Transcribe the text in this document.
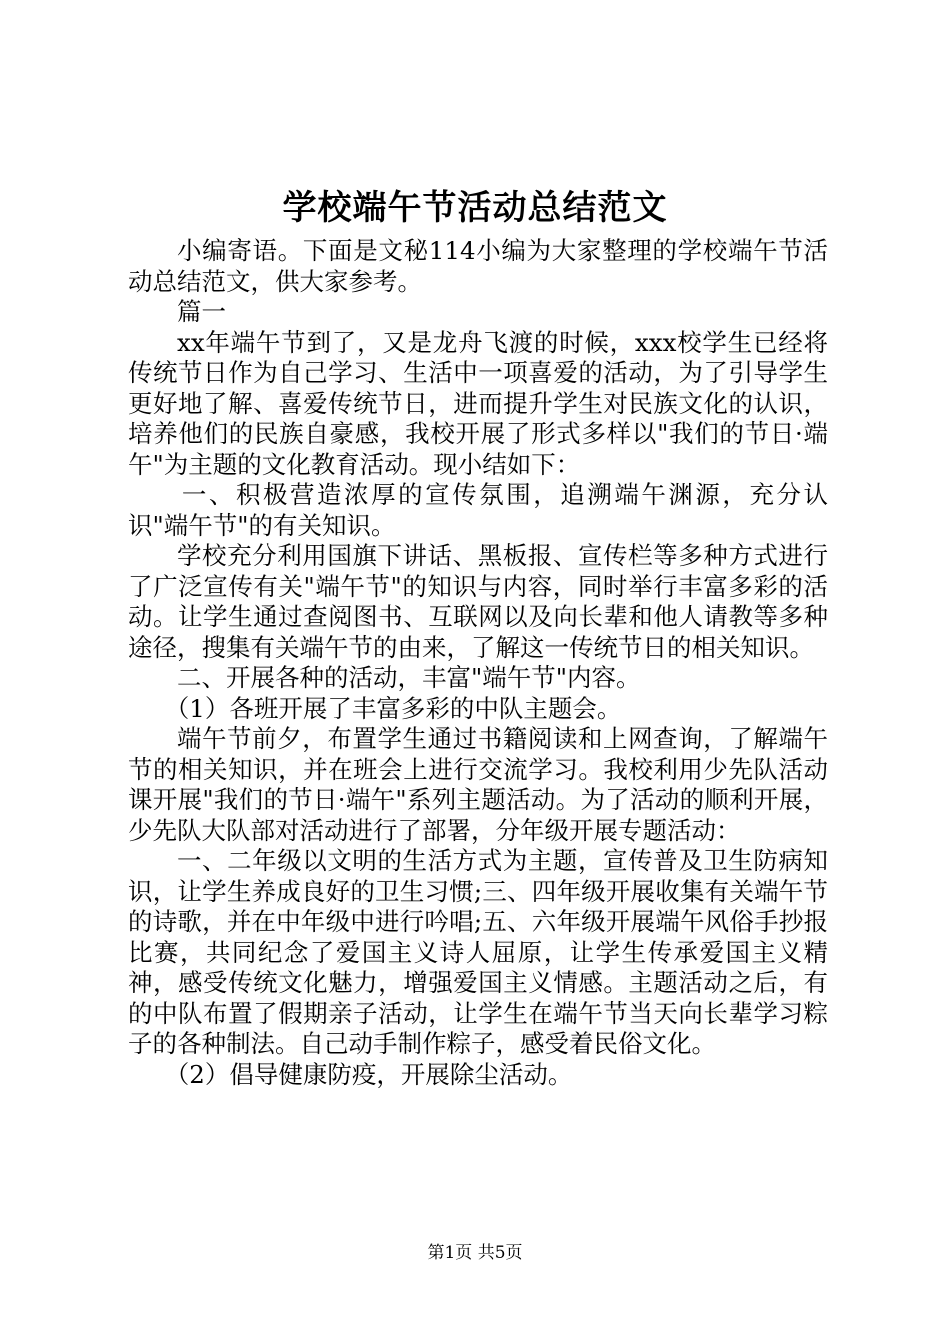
学校端午节活动总结范文

小编寄语。下面是文秘114小编为大家整理的学校端午节活动总结范文，供大家参考。

篇一

xx年端午节到了，又是龙舟飞渡的时候，xxx校学生已经将传统节日作为自己学习、生活中一项喜爱的活动，为了引导学生更好地了解、喜爱传统节日，进而提升学生对民族文化的认识，培养他们的民族自豪感，我校开展了形式多样以"我们的节日·端午"为主题的文化教育活动。现小结如下：

一、积极营造浓厚的宣传氛围，追溯端午渊源，充分认识"端午节"的有关知识。

学校充分利用国旗下讲话、黑板报、宣传栏等多种方式进行了广泛宣传有关"端午节"的知识与内容，同时举行丰富多彩的活动。让学生通过查阅图书、互联网以及向长辈和他人请教等多种途径，搜集有关端午节的由来，了解这一传统节日的相关知识。

二、开展各种的活动，丰富"端午节"内容。

（1）各班开展了丰富多彩的中队主题会。

端午节前夕，布置学生通过书籍阅读和上网查询，了解端午节的相关知识，并在班会上进行交流学习。我校利用少先队活动课开展"我们的节日·端午"系列主题活动。为了活动的顺利开展，少先队大队部对活动进行了部署，分年级开展专题活动：

一、二年级以文明的生活方式为主题，宣传普及卫生防病知识，让学生养成良好的卫生习惯;三、四年级开展收集有关端午节的诗歌，并在中年级中进行吟唱;五、六年级开展端午风俗手抄报比赛，共同纪念了爱国主义诗人屈原，让学生传承爱国主义精神，感受传统文化魅力，增强爱国主义情感。主题活动之后，有的中队布置了假期亲子活动，让学生在端午节当天向长辈学习粽子的各种制法。自己动手制作粽子，感受着民俗文化。

（2）倡导健康防疫，开展除尘活动。

第1页 共5页
